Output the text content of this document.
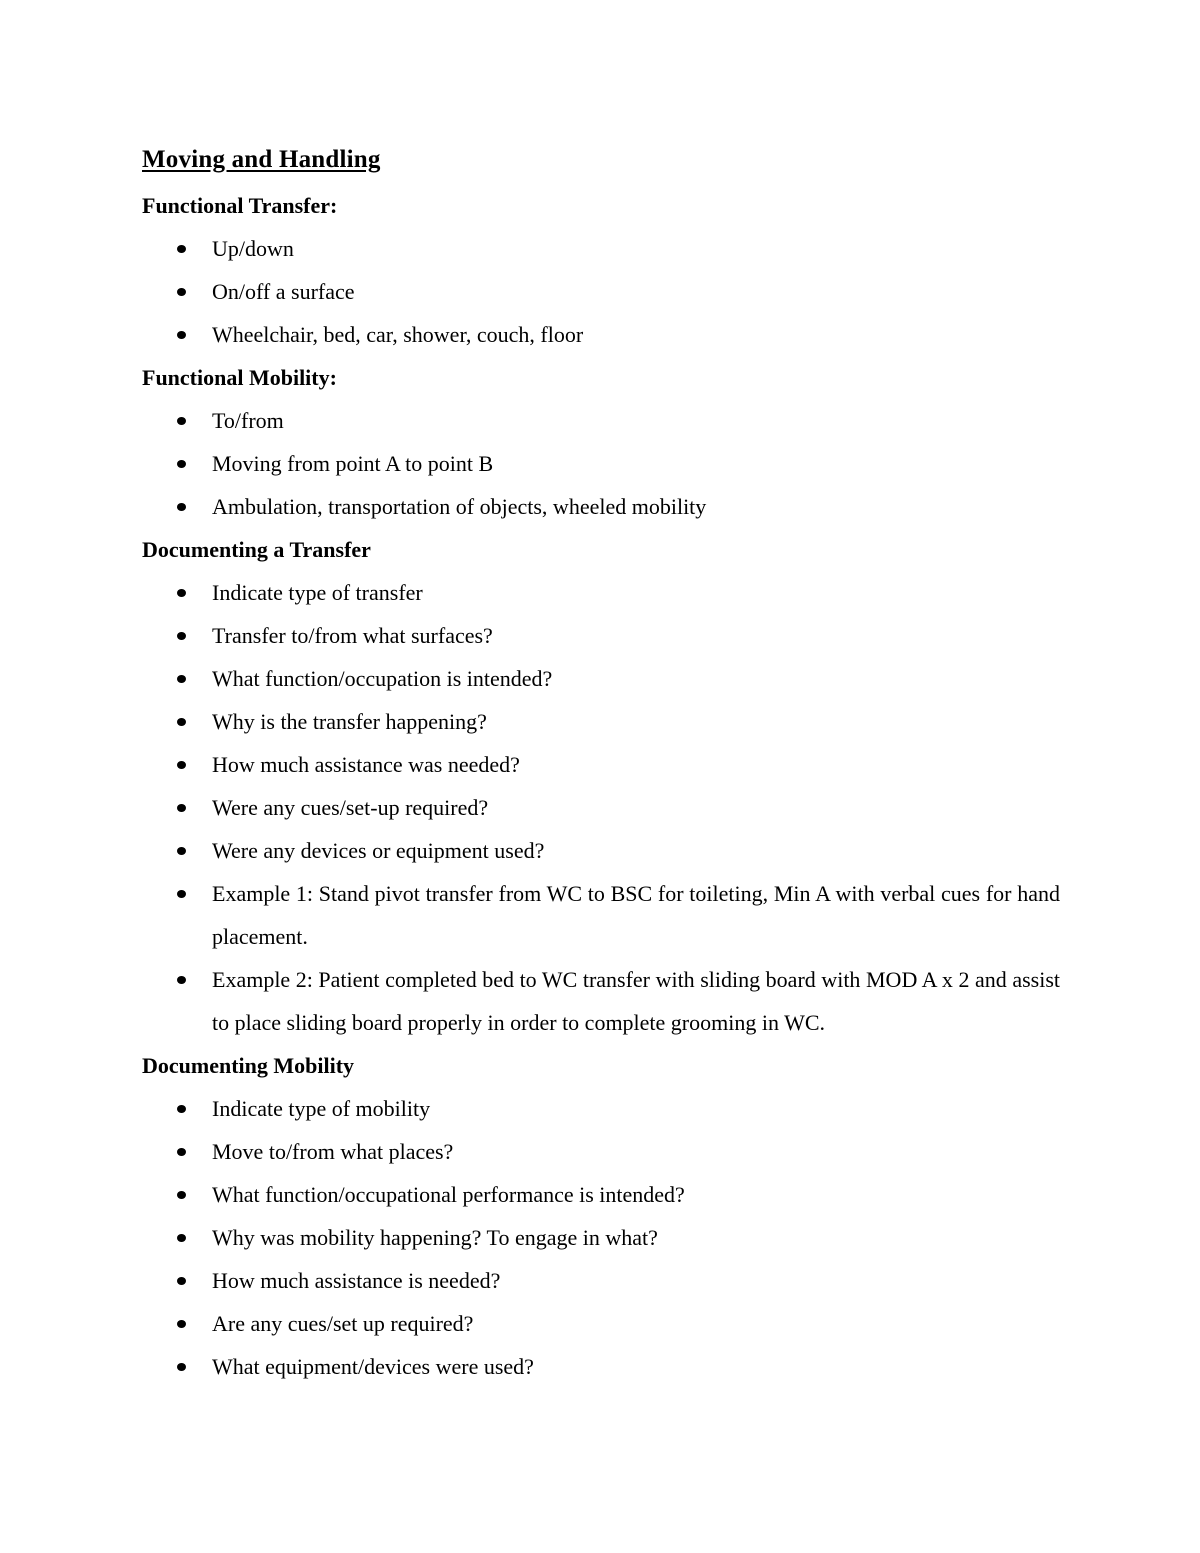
Moving and Handling
Functional Transfer:
Up/down
On/off a surface
Wheelchair, bed, car, shower, couch, floor
Functional Mobility:
To/from
Moving from point A to point B
Ambulation, transportation of objects, wheeled mobility
Documenting a Transfer
Indicate type of transfer
Transfer to/from what surfaces?
What function/occupation is intended?
Why is the transfer happening?
How much assistance was needed?
Were any cues/set-up required?
Were any devices or equipment used?
Example 1: Stand pivot transfer from WC to BSC for toileting, Min A with verbal cues for hand placement.
Example 2: Patient completed bed to WC transfer with sliding board with MOD A x 2 and assist to place sliding board properly in order to complete grooming in WC.
Documenting Mobility
Indicate type of mobility
Move to/from what places?
What function/occupational performance is intended?
Why was mobility happening? To engage in what?
How much assistance is needed?
Are any cues/set up required?
What equipment/devices were used?
